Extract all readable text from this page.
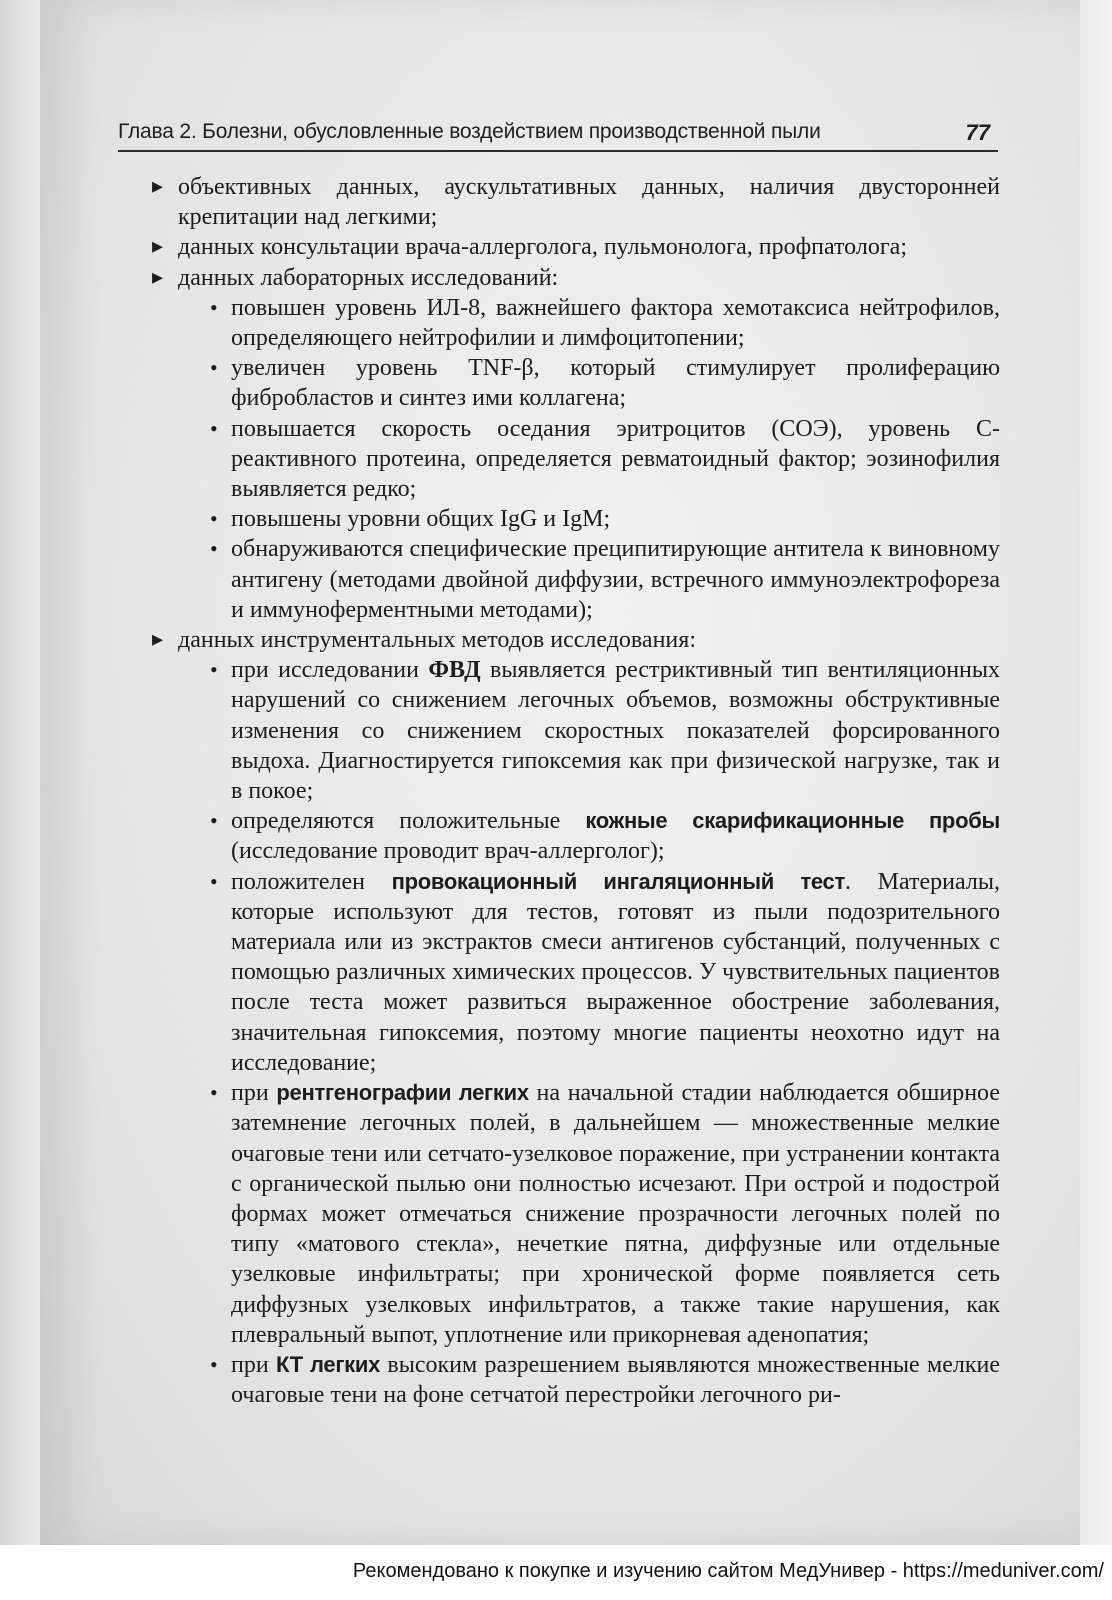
Глава 2. Болезни, обусловленные воздействием производственной пыли	77
▸ объективных данных, аускультативных данных, наличия двусторонней крепитации над легкими;
▸ данных консультации врача-аллерголога, пульмонолога, профпатолога;
▸ данных лабораторных исследований:
• повышен уровень ИЛ-8, важнейшего фактора хемотаксиса нейтрофилов, определяющего нейтрофилии и лимфоцитопении;
• увеличен уровень TNF-β, который стимулирует пролиферацию фибробластов и синтез ими коллагена;
• повышается скорость оседания эритроцитов (СОЭ), уровень С-реактивного протеина, определяется ревматоидный фактор; эозинофилия выявляется редко;
• повышены уровни общих IgG и IgM;
• обнаруживаются специфические преципитирующие антитела к виновному антигену (методами двойной диффузии, встречного иммуноэлектрофореза и иммуноферментными методами);
▸ данных инструментальных методов исследования:
• при исследовании ФВД выявляется рестриктивный тип вентиляционных нарушений со снижением легочных объемов, возможны обструктивные изменения со снижением скоростных показателей форсированного выдоха. Диагностируется гипоксемия как при физической нагрузке, так и в покое;
• определяются положительные кожные скарификационные пробы (исследование проводит врач-аллерголог);
• положителен провокационный ингаляционный тест. Материалы, которые используют для тестов, готовят из пыли подозрительного материала или из экстрактов смеси антигенов субстанций, полученных с помощью различных химических процессов. У чувствительных пациентов после теста может развиться выраженное обострение заболевания, значительная гипоксемия, поэтому многие пациенты неохотно идут на исследование;
• при рентгенографии легких на начальной стадии наблюдается обширное затемнение легочных полей, в дальнейшем — множественные мелкие очаговые тени или сетчато-узелковое поражение, при устранении контакта с органической пылью они полностью исчезают. При острой и подострой формах может отмечаться снижение прозрачности легочных полей по типу «матового стекла», нечеткие пятна, диффузные или отдельные узелковые инфильтраты; при хронической форме появляется сеть диффузных узелковых инфильтратов, а также такие нарушения, как плевральный выпот, уплотнение или прикорневая аденопатия;
• при КТ легких высоким разрешением выявляются множественные мелкие очаговые тени на фоне сетчатой перестройки легочного ри-
Рекомендовано к покупке и изучению сайтом МедУнивер - https://meduniver.com/
